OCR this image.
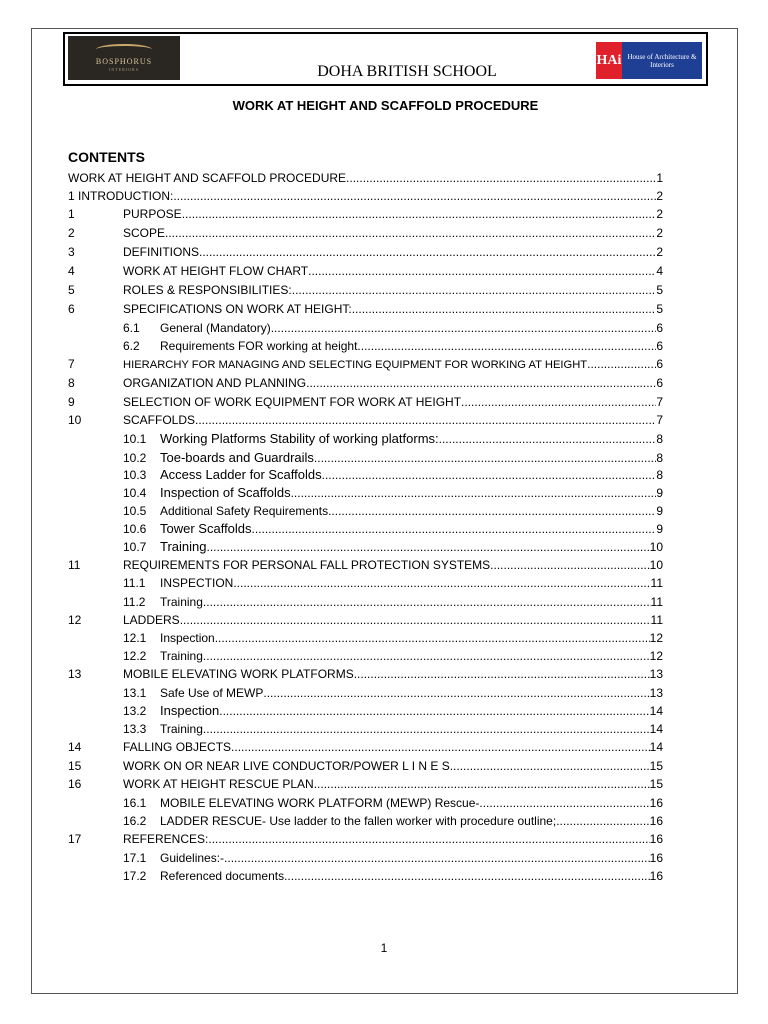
BOSPHORUS
INTERIORS	DOHA BRITISH SCHOOL
HAi House of Architecture & Interiors
WORK AT HEIGHT AND SCAFFOLD PROCEDURE
CONTENTS
WORK AT HEIGHT AND SCAFFOLD PROCEDURE .....	1
1 INTRODUCTION: .....	2
1	PURPOSE .....	2
2	SCOPE .....	2
3	DEFINITIONS .....	2
4	WORK AT HEIGHT FLOW CHART .....	4
5	ROLES & RESPONSIBILITIES: .....	5
6	SPECIFICATIONS ON WORK AT HEIGHT: .....	5
6.1	General (Mandatory) .....	6
6.2	Requirements FOR working at height .....	6
7	HIERARCHY FOR MANAGING AND SELECTING EQUIPMENT FOR WORKING AT HEIGHT .....	6
8	ORGANIZATION AND PLANNING .....	6
9	SELECTION OF WORK EQUIPMENT FOR WORK AT HEIGHT .....	7
10	SCAFFOLDS .....	7
10.1	Working Platforms Stability of working platforms: .....	8
10.2	Toe-boards and Guardrails .....	8
10.3	Access Ladder for Scaffolds .....	8
10.4	Inspection of Scaffolds .....	9
10.5	Additional Safety Requirements .....	9
10.6	Tower Scaffolds .....	9
10.7	Training .....	10
11	REQUIREMENTS FOR PERSONAL FALL PROTECTION SYSTEMS .....	10
11.1	INSPECTION .....	11
11.2	Training .....	11
12	LADDERS .....	11
12.1	Inspection .....	12
12.2	Training .....	12
13	MOBILE ELEVATING WORK PLATFORMS .....	13
13.1	Safe Use of MEWP .....	13
13.2	Inspection .....	14
13.3	Training .....	14
14	FALLING OBJECTS .....	14
15	WORK ON OR NEAR LIVE CONDUCTOR/POWER L I N E S .....	15
16	WORK AT HEIGHT RESCUE PLAN .....	15
16.1	MOBILE ELEVATING WORK PLATFORM (MEWP) Rescue- .....	16
16.2	LADDER RESCUE- Use ladder to the fallen worker with procedure outline; .....	16
17	REFERENCES: .....	16
17.1	Guidelines:- .....	16
17.2	Referenced documents .....	16
1
